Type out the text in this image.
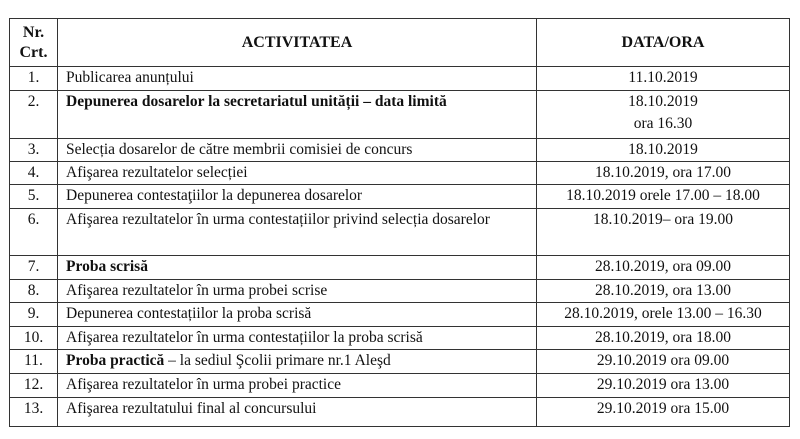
Nr.
Crt.	ACTIVITATEA	DATA/ORA
1.	Publicarea anunțului	11.10.2019

2.	Depunerea dosarelor la secretariatul unității – data limită	18.10.2019
ora 16.30

3.	Selecția dosarelor de către membrii comisiei de concurs	18.10.2019

4.	Afişarea rezultatelor selecției	18.10.2019, ora 17.00

5.	Depunerea contestaţiilor la depunerea dosarelor	18.10.2019 orele 17.00 – 18.00

6.	Afişarea rezultatelor în urma contestațiilor privind selecția dosarelor	18.10.2019– ora 19.00

7.	Proba scrisă	28.10.2019, ora 09.00

8.	Afişarea rezultatelor în urma probei scrise	28.10.2019, ora 13.00

9.	Depunerea contestațiilor la proba scrisă	28.10.2019, orele 13.00 – 16.30

10.	Afişarea rezultatelor în urma contestațiilor la proba scrisă	28.10.2019, ora 18.00

11.	Proba practică – la sediul Şcolii primare nr.1 Aleşd	29.10.2019 ora 09.00

12.	Afişarea rezultatelor în urma probei practice	29.10.2019 ora 13.00

13.	Afişarea rezultatului final al concursului	29.10.2019 ora 15.00
